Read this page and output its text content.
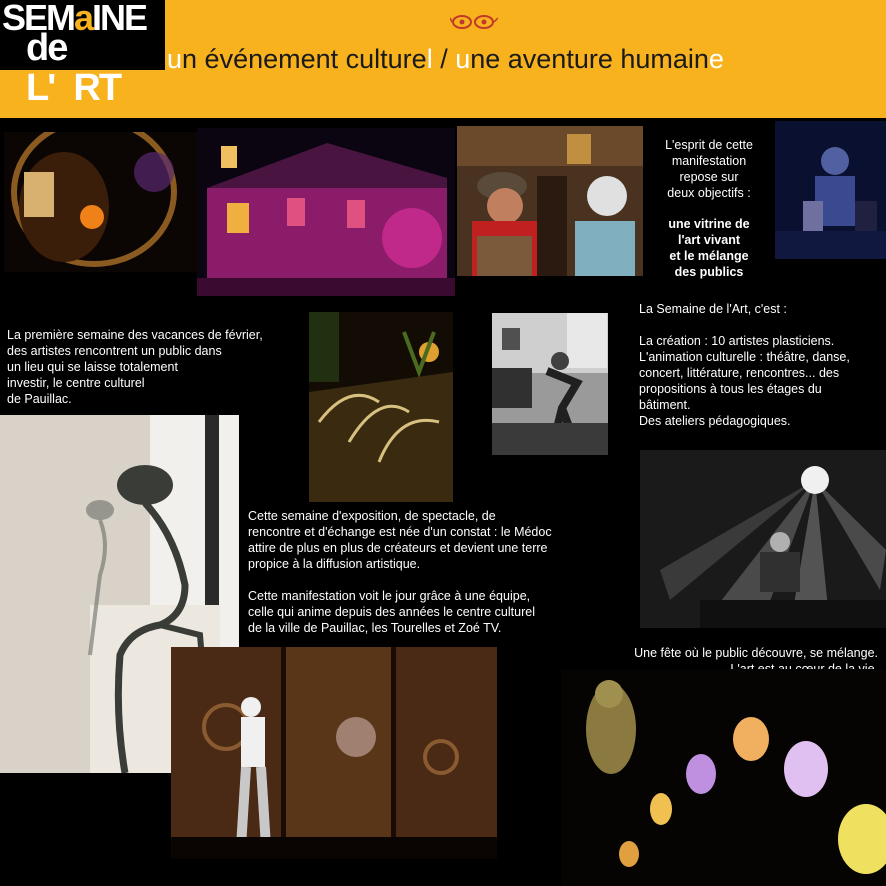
SEMaINE
de L'aRT
un événement culturel / une aventure humaine
L'esprit de cette
manifestation
repose sur
deux objectifs :
une vitrine de
l'art vivant
et le mélange
des publics
La première semaine des vacances de février,
des artistes rencontrent un public dans
un lieu qui se laisse totalement
investir, le centre culturel
de Pauillac.
La Semaine de l'Art, c'est :

La création : 10 artistes plasticiens.
L'animation culturelle : théâtre, danse,
concert, littérature, rencontres... des
propositions à tous les étages du
bâtiment.
Des ateliers pédagogiques.
Cette semaine d'exposition, de spectacle, de
rencontre et d'échange est née d'un constat : le Médoc
attire de plus en plus de créateurs et devient une terre
propice à la diffusion artistique.

Cette manifestation voit le jour grâce à une équipe,
celle qui anime depuis des années le centre culturel
de la ville de Pauillac, les Tourelles et Zoé TV.
Une fête où le public découvre, se mélange.
